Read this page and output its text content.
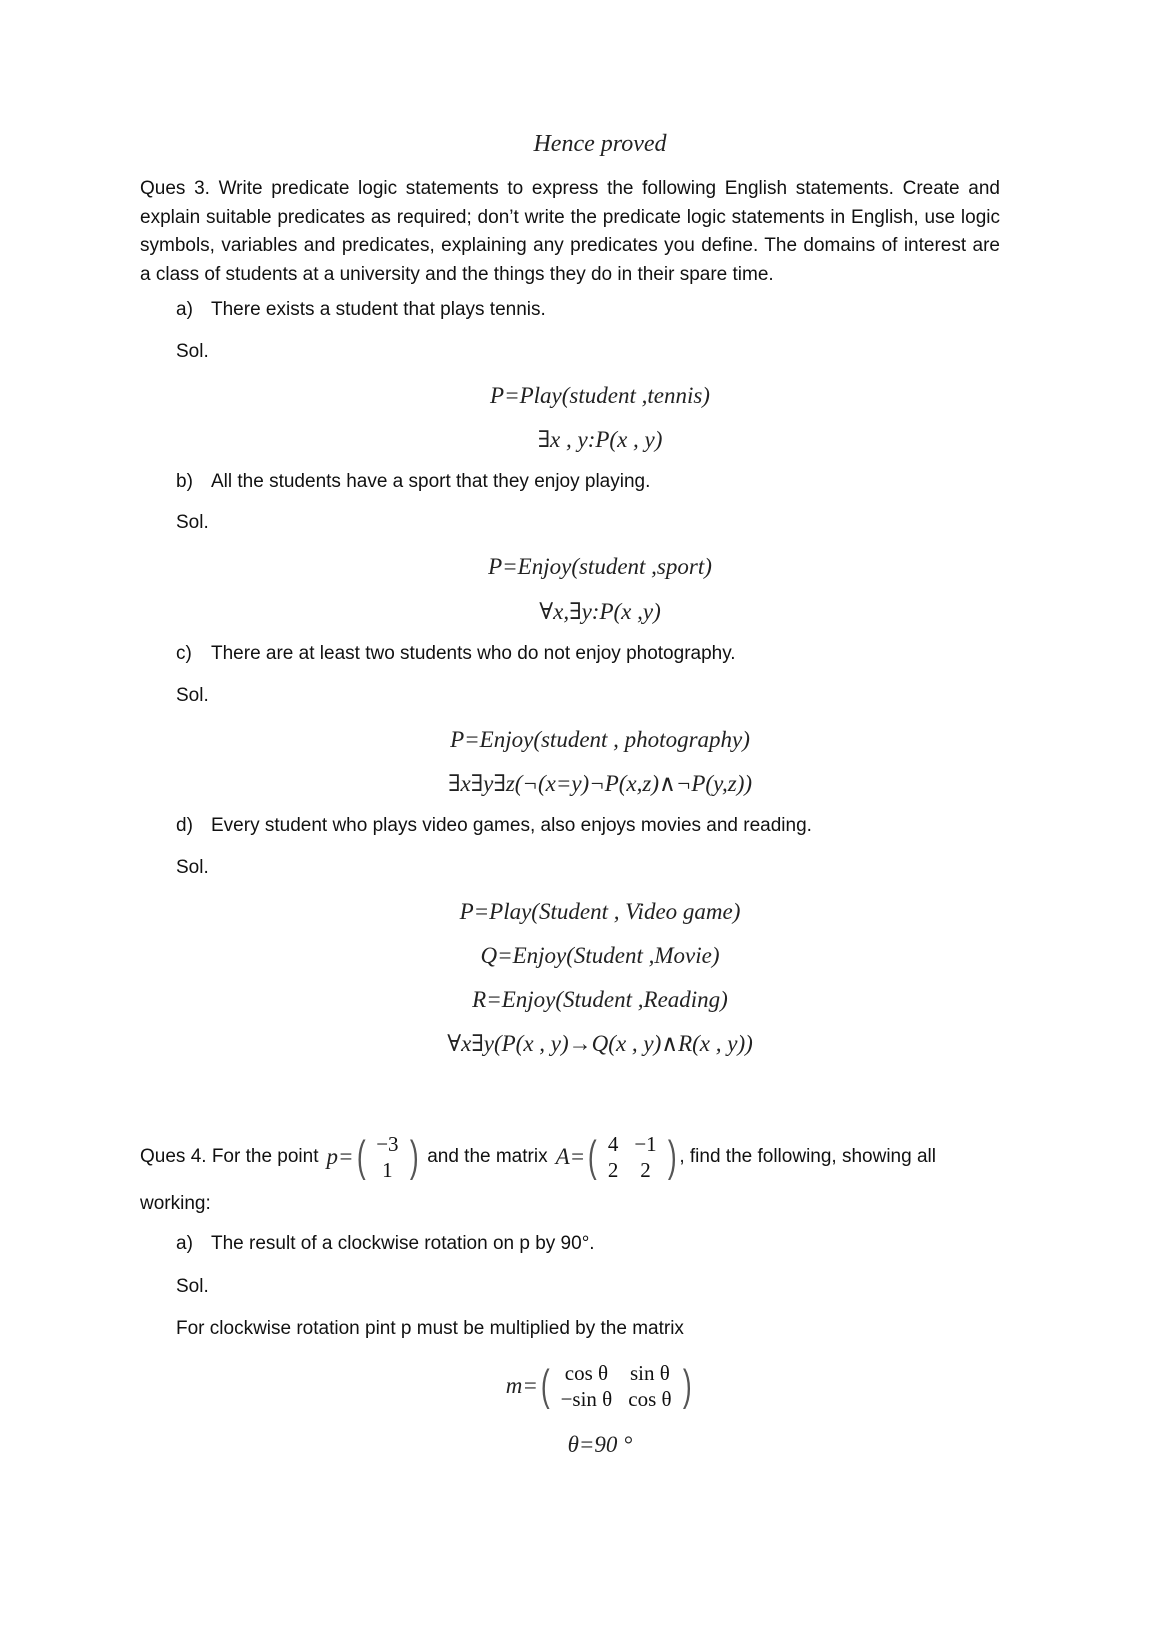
Hence proved
Ques 3. Write predicate logic statements to express the following English statements. Create and explain suitable predicates as required; don’t write the predicate logic statements in English, use logic symbols, variables and predicates, explaining any predicates you define. The domains of interest are a class of students at a university and the things they do in their spare time.
a) There exists a student that plays tennis.
Sol.
P=Play(student ,tennis)
∃x , y:P(x , y)
b) All the students have a sport that they enjoy playing.
Sol.
P=Enjoy(student ,sport)
∀x,∃y:P(x ,y)
c) There are at least two students who do not enjoy photography.
Sol.
P=Enjoy(student , photography)
∃x∃y∃z(¬(x=y)¬P(x,z)∧¬P(y,z))
d) Every student who plays video games, also enjoys movies and reading.
Sol.
P=Play(Student , Video game)
Q=Enjoy(Student ,Movie)
R=Enjoy(Student ,Reading)
∀x∃y(P(x , y)→Q(x , y)∧R(x , y))
Ques 4. For the point p= ( −3
1 ) and the matrix A= ( 4	−1
2	2 ) , find the following, showing all
working:
a) The result of a clockwise rotation on p by 90°.
Sol.
For clockwise rotation pint p must be multiplied by the matrix
m= ( cos θ	sin θ
−sin θ	cos θ )
θ=90 °
